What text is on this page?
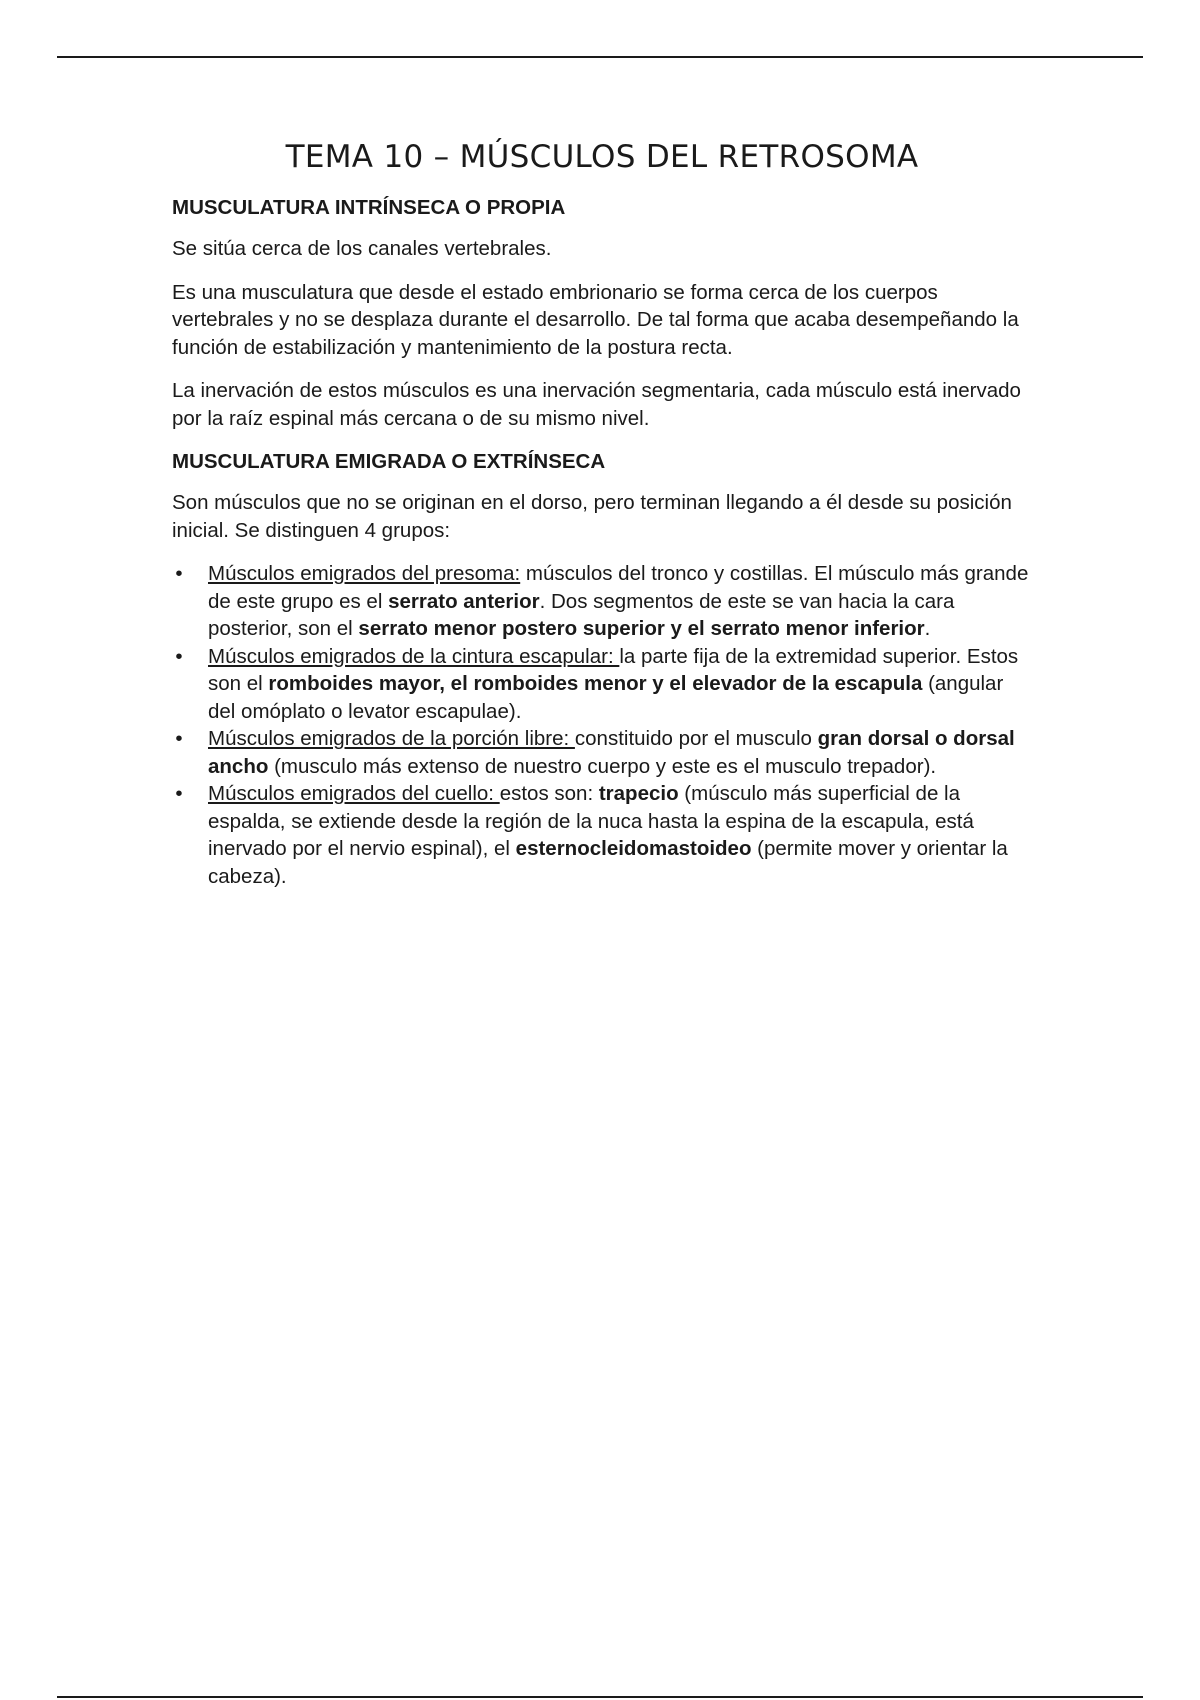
TEMA 10 – MÚSCULOS DEL RETROSOMA
MUSCULATURA INTRÍNSECA O PROPIA

Se sitúa cerca de los canales vertebrales.

Es una musculatura que desde el estado embrionario se forma cerca de los cuerpos vertebrales y no se desplaza durante el desarrollo. De tal forma que acaba desempeñando la función de estabilización y mantenimiento de la postura recta.

La inervación de estos músculos es una inervación segmentaria, cada músculo está inervado por la raíz espinal más cercana o de su mismo nivel.

MUSCULATURA EMIGRADA O EXTRÍNSECA

Son músculos que no se originan en el dorso, pero terminan llegando a él desde su posición inicial. Se distinguen 4 grupos:

• Músculos emigrados del presoma: músculos del tronco y costillas. El músculo más grande de este grupo es el serrato anterior. Dos segmentos de este se van hacia la cara posterior, son el serrato menor postero superior y el serrato menor inferior.
• Músculos emigrados de la cintura escapular: la parte fija de la extremidad superior. Estos son el romboides mayor, el romboides menor y el elevador de la escapula (angular del omóplato o levator escapulae).
• Músculos emigrados de la porción libre: constituido por el musculo gran dorsal o dorsal ancho (musculo más extenso de nuestro cuerpo y este es el musculo trepador).
• Músculos emigrados del cuello: estos son: trapecio (músculo más superficial de la espalda, se extiende desde la región de la nuca hasta la espina de la escapula, está inervado por el nervio espinal), el esternocleidomastoideo (permite mover y orientar la cabeza).
